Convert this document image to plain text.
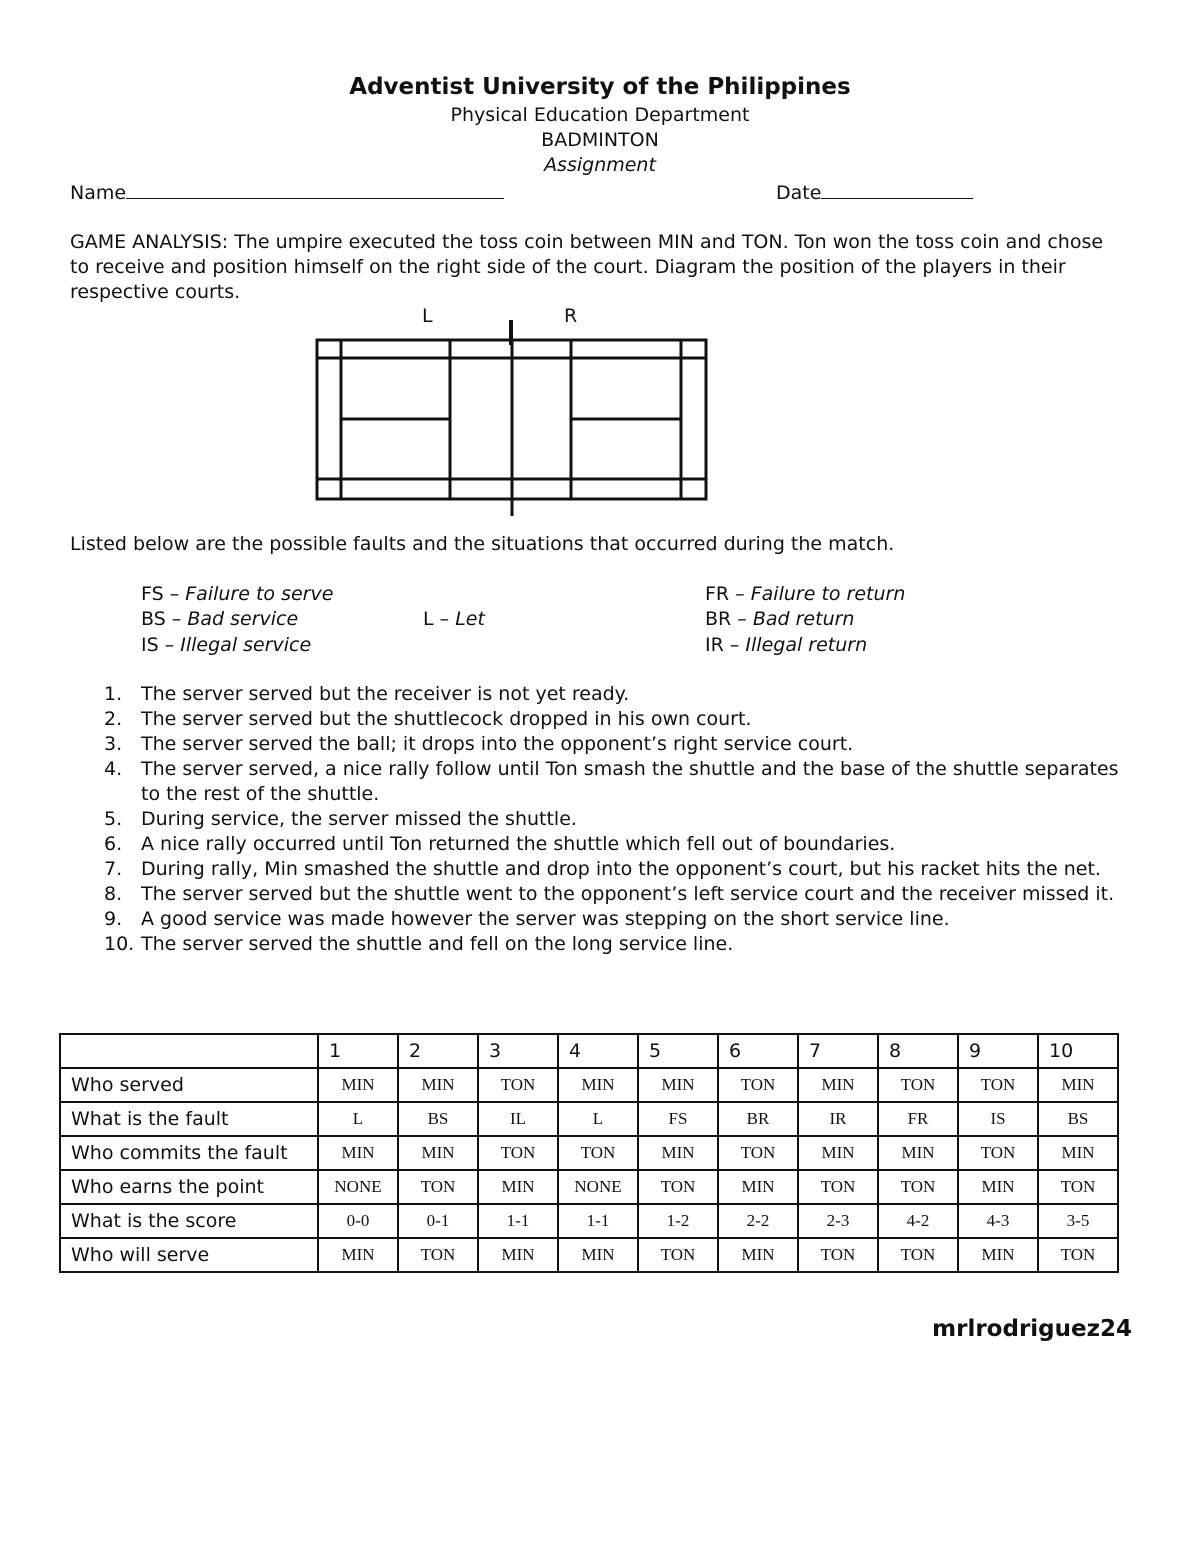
Adventist University of the Philippines
Physical Education Department
BADMINTON
Assignment
Name	Date
GAME ANALYSIS: The umpire executed the toss coin between MIN and TON. Ton won the toss coin and chose to receive and position himself on the right side of the court. Diagram the position of the players in their respective courts.
L	R
Listed below are the possible faults and the situations that occurred during the match.
FS – Failure to serve
BS – Bad service
IS – Illegal service
L – Let
FR – Failure to return
BR – Bad return
IR – Illegal return
1. The server served but the receiver is not yet ready.
2. The server served but the shuttlecock dropped in his own court.
3. The server served the ball; it drops into the opponent’s right service court.
4. The server served, a nice rally follow until Ton smash the shuttle and the base of the shuttle separates to the rest of the shuttle.
5. During service, the server missed the shuttle.
6. A nice rally occurred until Ton returned the shuttle which fell out of boundaries.
7. During rally, Min smashed the shuttle and drop into the opponent’s court, but his racket hits the net.
8. The server served but the shuttle went to the opponent’s left service court and the receiver missed it.
9. A good service was made however the server was stepping on the short service line.
10. The server served the shuttle and fell on the long service line.
	1	2	3	4	5	6	7	8	9	10
Who served	MIN	MIN	TON	MIN	MIN	TON	MIN	TON	TON	MIN
What is the fault	L	BS	IL	L	FS	BR	IR	FR	IS	BS
Who commits the fault	MIN	MIN	TON	TON	MIN	TON	MIN	MIN	TON	MIN
Who earns the point	NONE	TON	MIN	NONE	TON	MIN	TON	TON	MIN	TON
What is the score	0-0	0-1	1-1	1-1	1-2	2-2	2-3	4-2	4-3	3-5
Who will serve	MIN	TON	MIN	MIN	TON	MIN	TON	TON	MIN	TON
mrlrodriguez24
